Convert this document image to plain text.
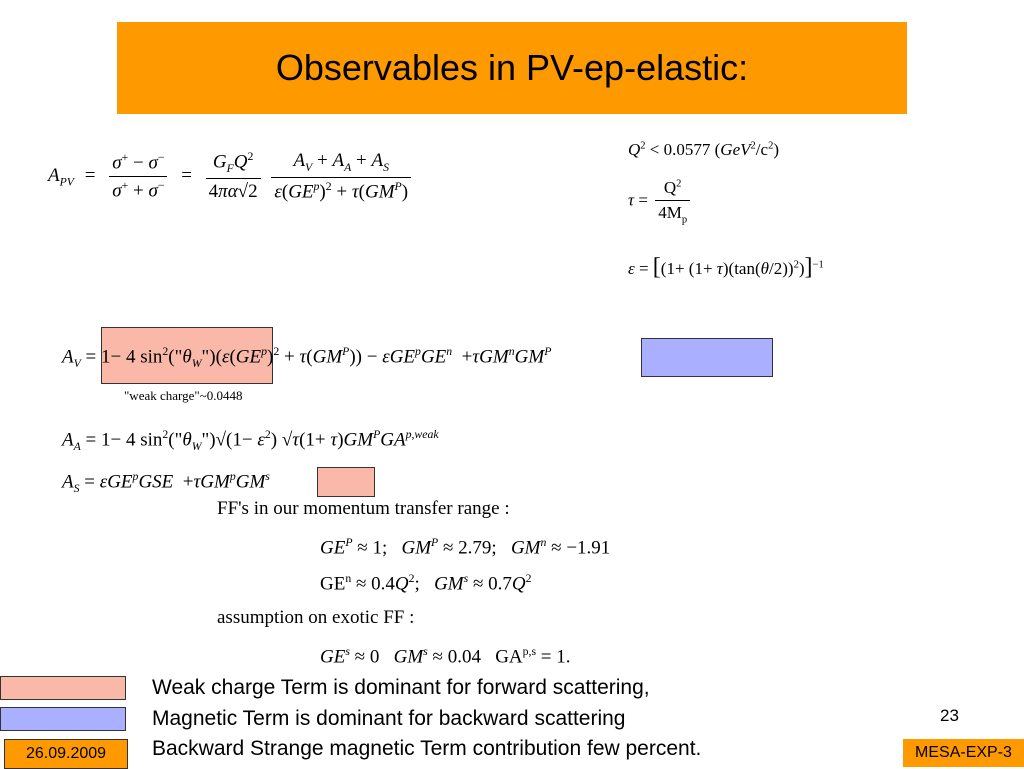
Observables in PV-ep-elastic:
$A_{PV} = \frac{\sigma^+ - \sigma^-}{\sigma^+ + \sigma^-} = \frac{G_FQ^2}{4\pi\alpha√2}$
$\frac{A_V + A_A + A_S}{\varepsilon(GE^p)^2 + \tau(GM^P)}$
$Q^2 < 0.0577$ $(GeV^2/c^2)$
$\tau = \frac{Q^2}{4M_p}$
$\varepsilon = [(1+ (1+ \tau)(\tan(\theta/2))^2)]^{-1}$
$A_V = 1- 4$ $\sin^2("\theta_W")(\varepsilon(GE^p)^2 + \tau(GM^P)) - \varepsilon GE^pGE^n +\tau GM^nGM^P$
"weak charge"~0.0448
$A_A = 1- 4$ $\sin^2("\theta_W")√(1- \varepsilon^2)$ $√\tau(1+ \tau)GM^PGA^{p,weak}$
$A_S = \varepsilon GE^pGSE +\tau GM^pGM^s$
FF's in our momentum transfer range :
$GE^P \approx 1$;   $GM^P \approx 2.79$;   $GM^n \approx -1.91$
$GE^n \approx 0.4Q^2$;   $GM^s \approx 0.7Q^2$
assumption on exotic FF :
$GE^s \approx 0$   $GM^s \approx 0.04$   GA$^{p,s}$ = 1.
Weak charge Term is dominant for forward scattering,
Magnetic Term is dominant for backward scattering
Backward Strange magnetic Term contribution few percent.
26.09.2009
23
MESA-EXP-3
